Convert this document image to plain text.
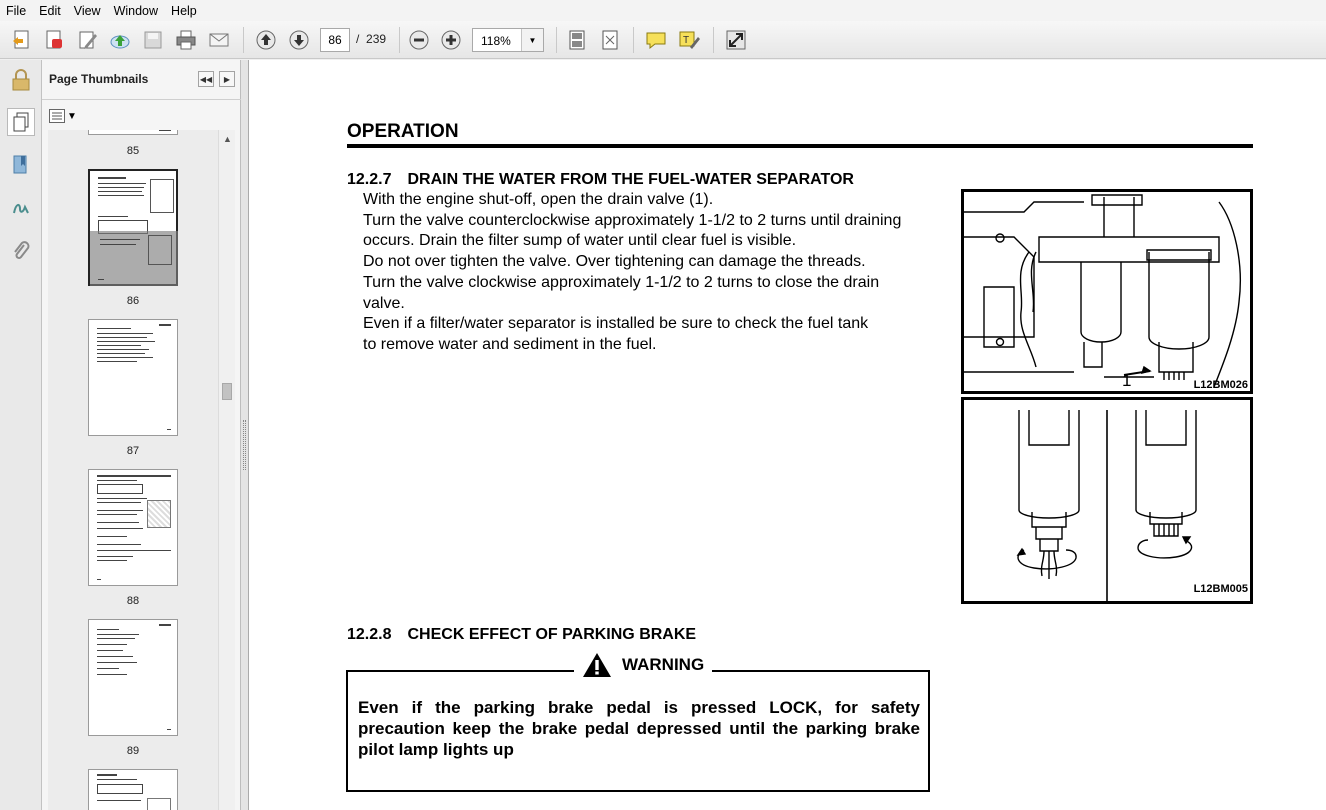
File	Edit	View	Window	Help
86	/ 239	118%	▼	T
Page Thumbnails	◀◀	▶
▼
85
86
87
88
89
▲	OPERATION
12.2.7 DRAIN THE WATER FROM THE FUEL-WATER SEPARATOR

With the engine shut-off, open the drain valve (1).

Turn the valve counterclockwise approximately 1-1/2 to 2 turns until draining

occurs. Drain the filter sump of water until clear fuel is visible.

Do not over tighten the valve. Over tightening can damage the threads.

Turn the valve clockwise approximately 1-1/2 to 2 turns to close the drain

valve.

Even if a filter/water separator is installed be sure to check the fuel tank

to remove water and sediment in the fuel.

1	L12BM026
L12BM005
12.2.8 CHECK EFFECT OF PARKING BRAKE
Even if the parking brake pedal is pressed LOCK, for safety precaution keep the brake pedal depressed until the parking brake pilot lamp lights up
WARNING
